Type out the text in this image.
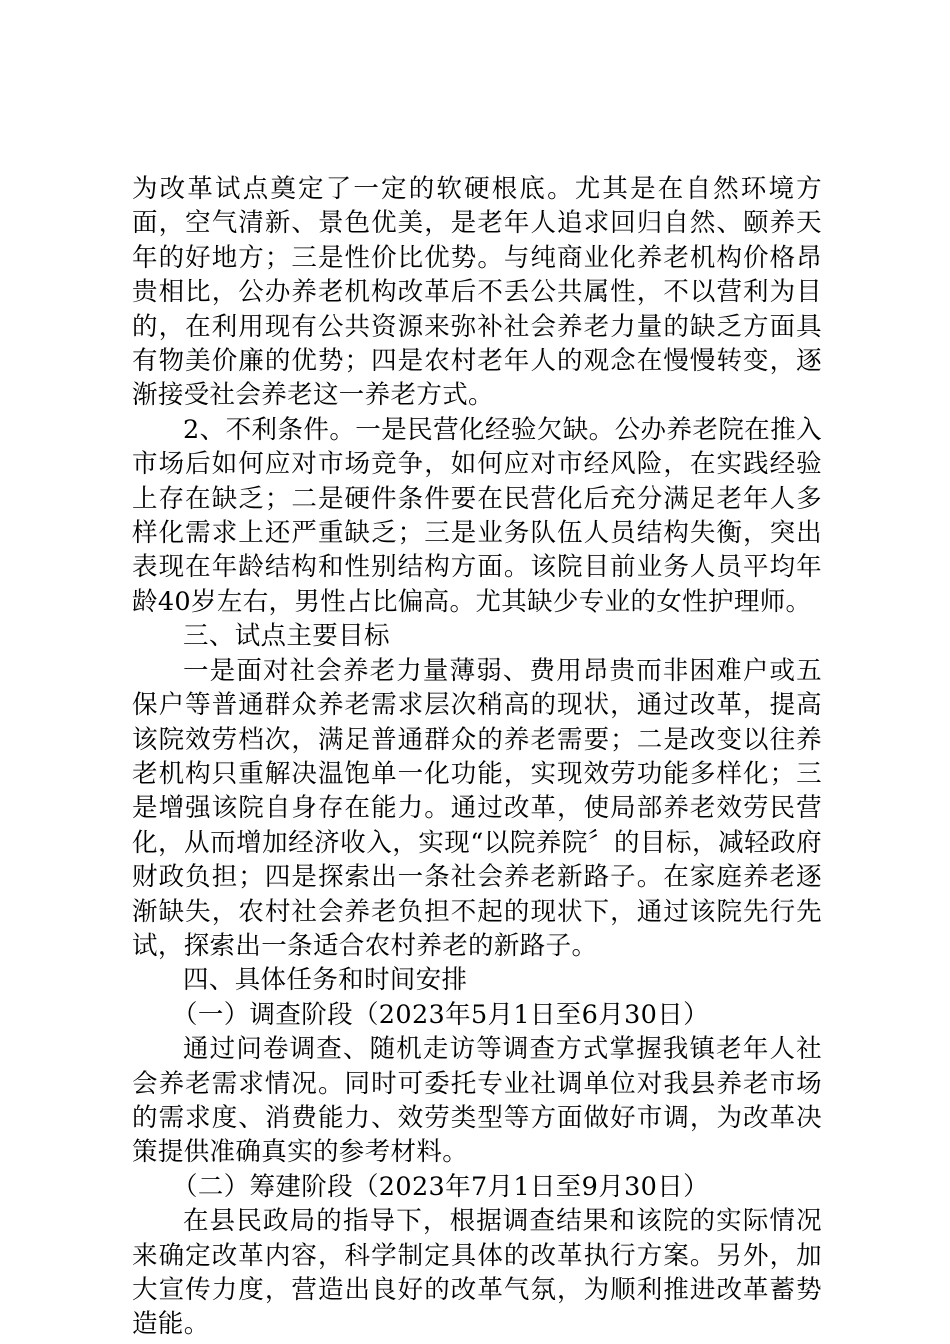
为改革试点奠定了一定的软硬根底。尤其是在自然环境方面，空气清新、景色优美，是老年人追求回归自然、颐养天年的好地方；三是性价比优势。与纯商业化养老机构价格昂贵相比，公办养老机构改革后不丢公共属性，不以营利为目的，在利用现有公共资源来弥补社会养老力量的缺乏方面具有物美价廉的优势；四是农村老年人的观念在慢慢转变，逐渐接受社会养老这一养老方式。

2、不利条件。一是民营化经验欠缺。公办养老院在推入市场后如何应对市场竞争，如何应对市经风险，在实践经验上存在缺乏；二是硬件条件要在民营化后充分满足老年人多样化需求上还严重缺乏；三是业务队伍人员结构失衡，突出表现在年龄结构和性别结构方面。该院目前业务人员平均年龄40岁左右，男性占比偏高。尤其缺少专业的女性护理师。

三、试点主要目标

一是面对社会养老力量薄弱、费用昂贵而非困难户或五保户等普通群众养老需求层次稍高的现状，通过改革，提高该院效劳档次，满足普通群众的养老需要；二是改变以往养老机构只重解决温饱单一化功能，实现效劳功能多样化；三是增强该院自身存在能力。通过改革，使局部养老效劳民营化，从而增加经济收入，实现“以院养院〞的目标，减轻政府财政负担；四是探索出一条社会养老新路子。在家庭养老逐渐缺失，农村社会养老负担不起的现状下，通过该院先行先试，探索出一条适合农村养老的新路子。

四、具体任务和时间安排

（一）调查阶段（2023年5月1日至6月30日）

通过问卷调查、随机走访等调查方式掌握我镇老年人社会养老需求情况。同时可委托专业社调单位对我县养老市场的需求度、消费能力、效劳类型等方面做好市调，为改革决策提供准确真实的参考材料。

（二）筹建阶段（2023年7月1日至9月30日）

在县民政局的指导下，根据调查结果和该院的实际情况来确定改革内容，科学制定具体的改革执行方案。另外，加大宣传力度，营造出良好的改革气氛，为顺利推进改革蓄势造能。
